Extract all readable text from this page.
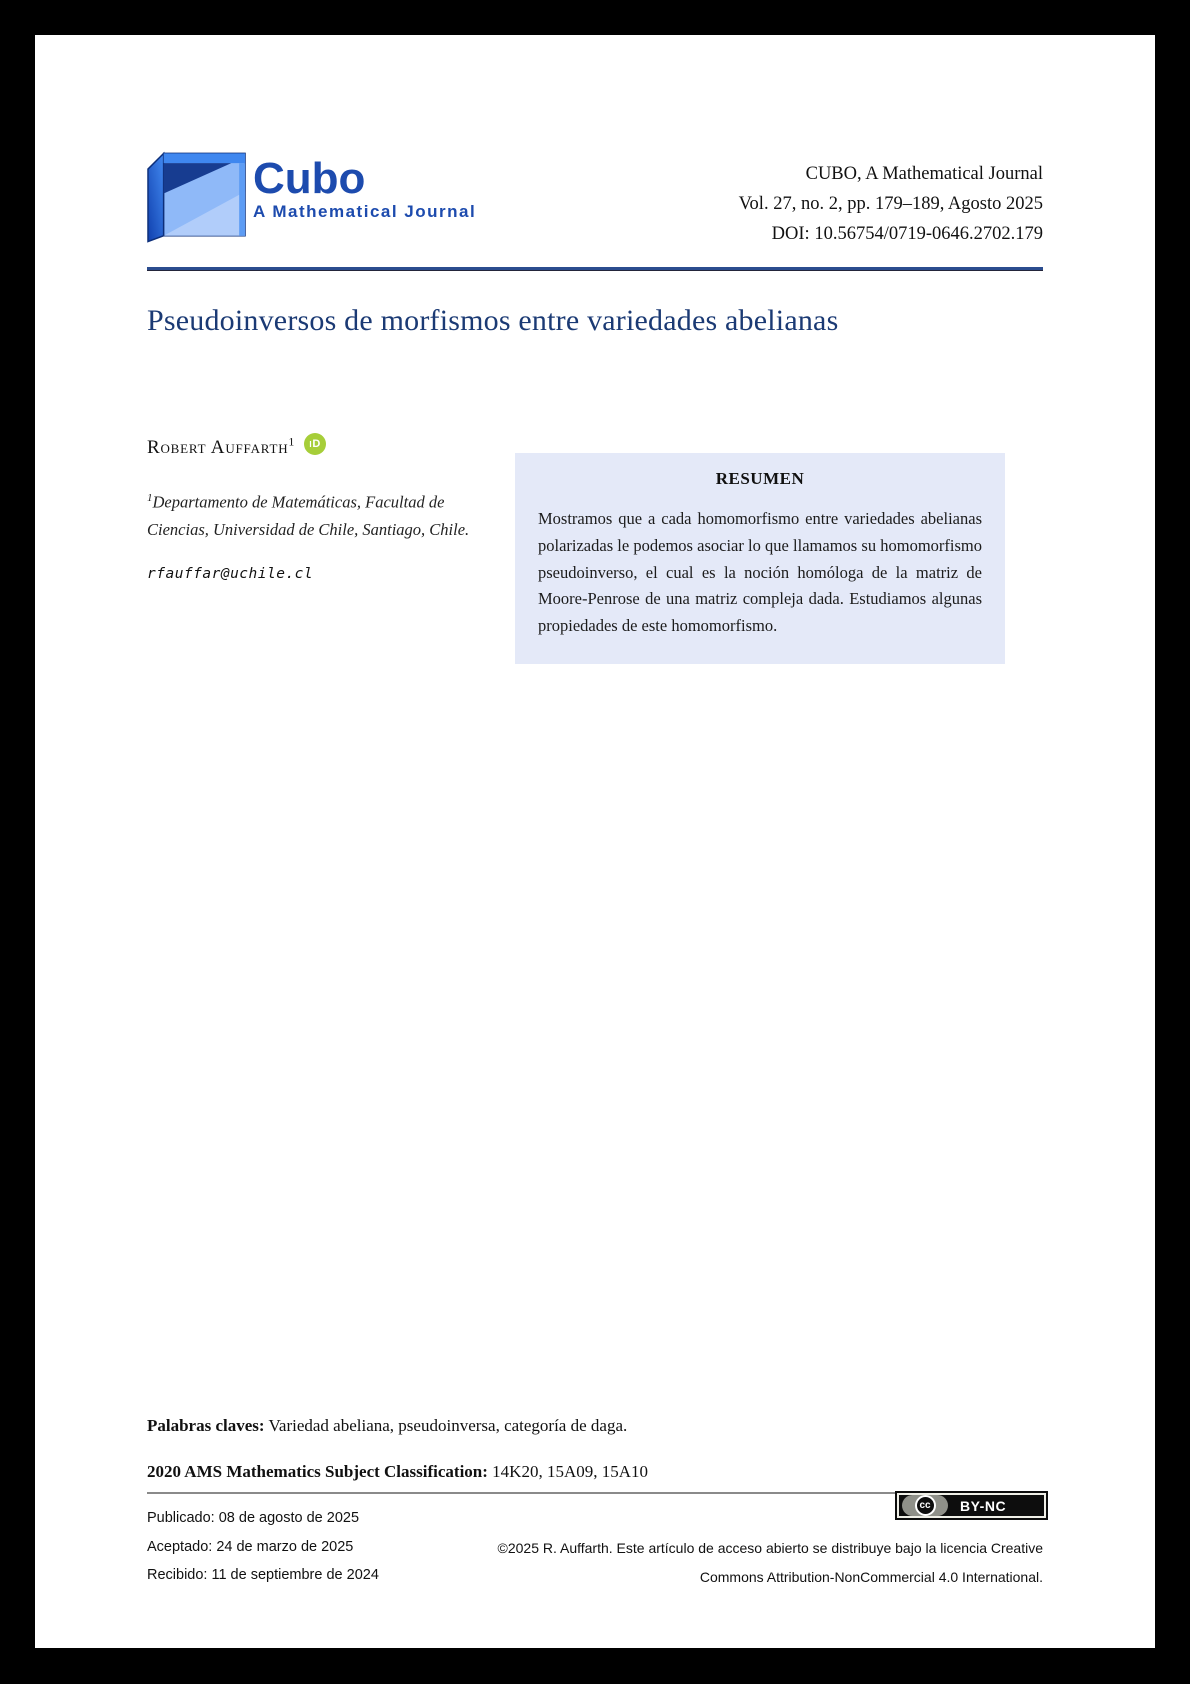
Cubo
A Mathematical Journal
CUBO, A Mathematical Journal
Vol. 27, no. 2, pp. 179–189, Agosto 2025
DOI: 10.56754/0719-0646.2702.179
Pseudoinversos de morfismos entre variedades abelianas
Robert Auffarth$^1$ iD
$^1$Departamento de Matemáticas, Facultad de Ciencias, Universidad de Chile, Santiago, Chile.
rfauffar@uchile.cl
RESUMEN
Mostramos que a cada homomorfismo entre variedades abelianas polarizadas le podemos asociar lo que llamamos su homomorfismo pseudoinverso, el cual es la noción homóloga de la matriz de Moore-Penrose de una matriz compleja dada. Estudiamos algunas propiedades de este homomorfismo.
Palabras claves: Variedad abeliana, pseudoinversa, categoría de daga.
2020 AMS Mathematics Subject Classification: 14K20, 15A09, 15A10
Publicado: 08 de agosto de 2025
Aceptado: 24 de marzo de 2025
Recibido: 11 de septiembre de 2024
cc	BY-NC
©2025 R. Auffarth. Este artículo de acceso abierto se distribuye bajo la licencia Creative
Commons Attribution-NonCommercial 4.0 International.
